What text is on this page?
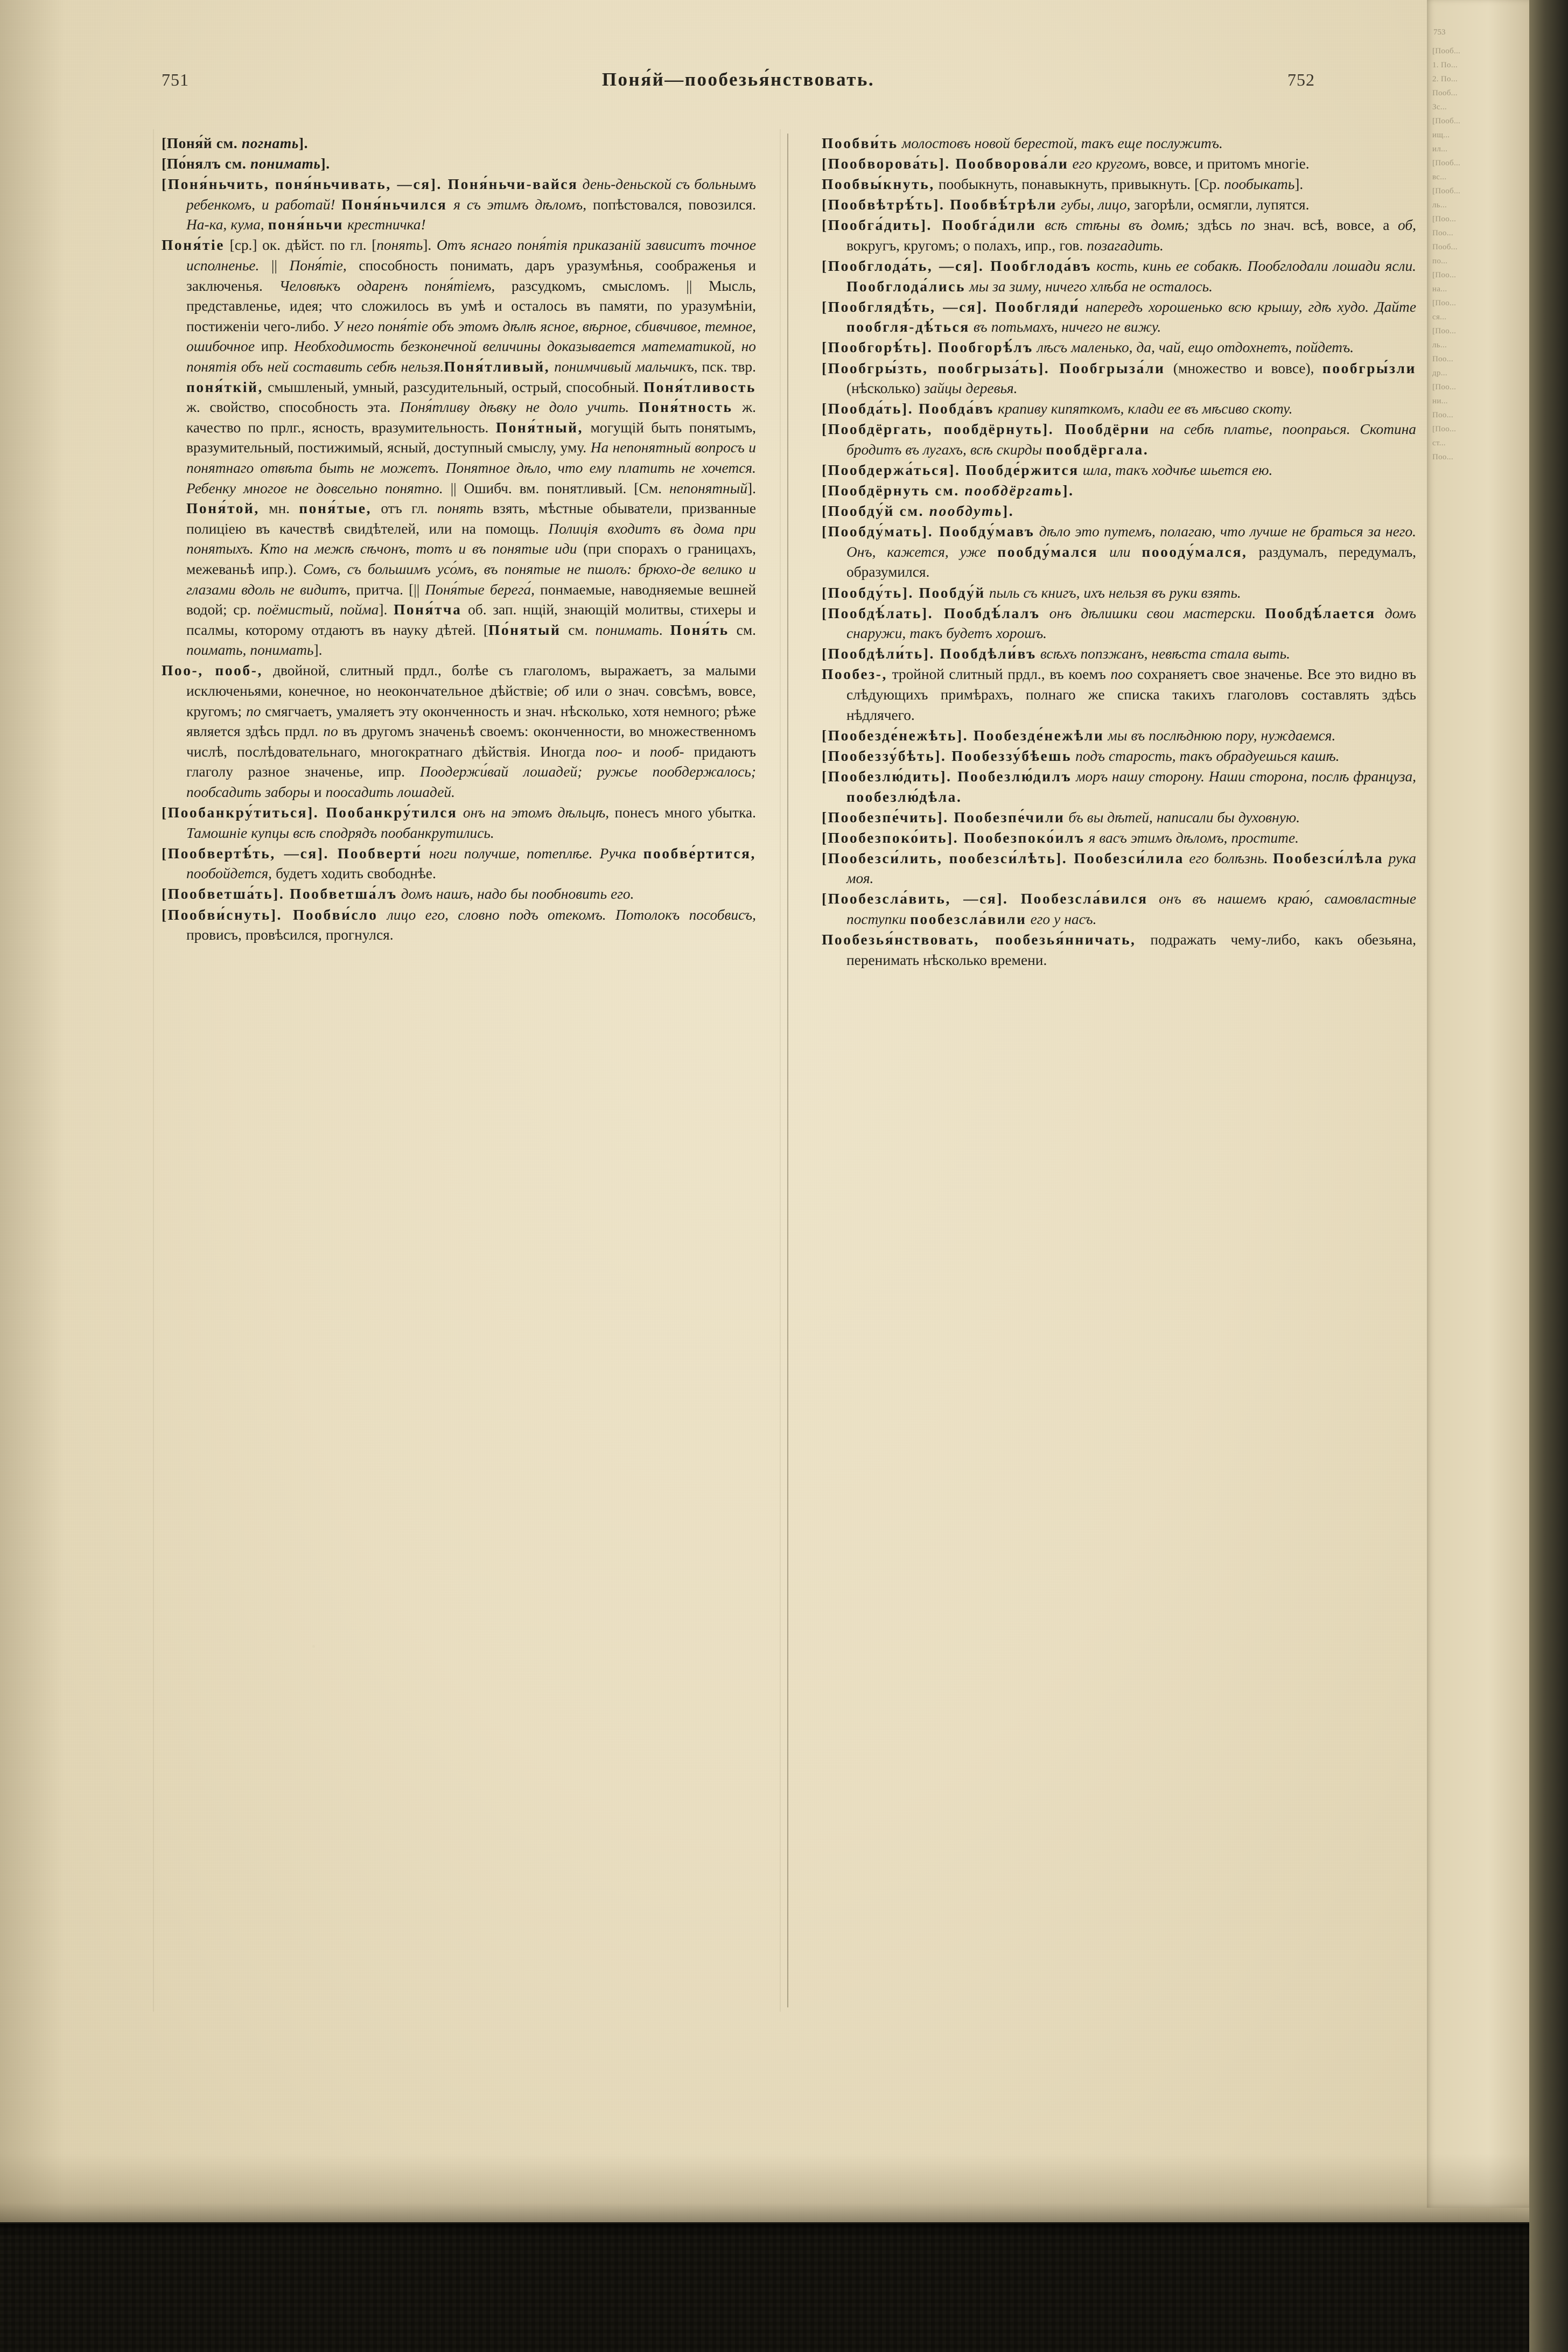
751	Поня́й—пообезья́нствовать.	752

[Поня́й см. погнать].

[По́нялъ см. понимать].

[Поня́ньчить, поня́ньчивать, —ся]. Поня́ньчи-вайся день-деньской съ больнымъ ребенкомъ, и работай! Поня́ньчился я съ этимъ дѣломъ, попѣстовался, повозился. На-ка, кума, поня́ньчи крестничка!

Поня́тіе [ср.] ок. дѣйст. по гл. [понять]. Отъ яснаго поня́тія приказаній зависитъ точное исполненье. || Поня́тіе, способность понимать, даръ уразумѣнья, соображенья и заключенья. Человѣкъ одаренъ поня́тіемъ, разсудкомъ, смысломъ. || Мысль, представленье, идея; что сложилось въ умѣ и осталось въ памяти, по уразумѣніи, постиженіи чего-либо. У него поня́тіе объ этомъ дѣлѣ ясное, вѣрное, сбивчивое, темное, ошибочное ипр. Необходимость безконечной величины доказывается математикой, но понятія объ ней составить себѣ нельзя.Поня́тливый, понимчивый мальчикъ, пск. твр. поня́ткій, смышленый, умный, разсудительный, острый, способный. Поня́тливость ж. свойство, способность эта. Поня́тливу дѣвку не доло учить. Поня́тность ж. качество по прлг., ясность, вразумительность. Поня́тный, могущій быть понятымъ, вразумительный, постижимый, ясный, доступный смыслу, уму. На непонятный вопросъ и понятнаго отвѣта быть не можетъ. Понятное дѣло, что ему платить не хочется. Ребенку многое не довсельно понятно. || Ошибч. вм. понятливый. [См. непонятный]. Поня́той, мн. поня́тые, отъ гл. понять взять, мѣстные обыватели, призванные полиціею въ качествѣ свидѣтелей, или на помощь. Полиція входитъ въ дома при понятыхъ. Кто на межѣ сѣчонъ, тотъ и въ понятые иди (при спорахъ о границахъ, межеваньѣ ипр.). Сомъ, съ большимъ усо́мъ, въ понятые не пшолъ: брюхо-де велико и глазами вдоль не видитъ, притча. [|| Поня́тые берега́, понмаемые, наводняемые вешней водой; ср. поёмистый, пойма]. Поня́тча об. зап. нщій, знающій молитвы, стихеры и псалмы, которому отдаютъ въ науку дѣтей. [По́нятый см. понимать. Поня́ть см. поимать, понимать].

Поо-, пооб-, двойной, слитный прдл., болѣе съ глаголомъ, выражаетъ, за малыми исключеньями, конечное, но неокончательное дѣйствіе; об или о знач. совсѣмъ, вовсе, кругомъ; по смягчаетъ, умаляетъ эту оконченность и знач. нѣсколько, хотя немного; рѣже является здѣсь прдл. по въ другомъ значеньѣ своемъ: оконченности, во множественномъ числѣ, послѣдовательнаго, многократнаго дѣйствія. Иногда поо- и пооб- придаютъ глаголу разное значенье, ипр. Поодержи́вай лошадей; ружье пообдержалось; пообсадить заборы и поосадить лошадей.

[Пообанкру́титься]. Пообанкру́тился онъ на этомъ дѣльцѣ, понесъ много убытка. Тамошніе купцы всѣ сподрядъ пообанкрутились.

[Пообвертѣ́ть, —ся]. Пообверти́ ноги получше, потеплѣе. Ручка пообве́ртится, пообойдется, будетъ ходить свободнѣе.

[Пообветша́ть]. Пообветша́лъ домъ нашъ, надо бы пообновить его.

[Пообви́снуть]. Пообви́сло лицо его, словно подъ отекомъ. Потолокъ пособвисъ, провисъ, провѣсился, прогнулся.

Пообви́ть молостовъ новой берестой, такъ еще послужитъ.

[Пообворова́ть]. Пообворова́ли его кругомъ, вовсе, и притомъ многіе.

Пообвы́кнуть, пообыкнуть, понавыкнуть, привыкнуть. [Ср. пообыкать].

[Пообвѣтрѣ́ть]. Пообвѣ́трѣли губы, лицо, загорѣли, осмягли, лупятся.

[Пообга́дить]. Пообга́дили всѣ стѣны въ домѣ; здѣсь по знач. всѣ, вовсе, а об, вокругъ, кругомъ; о полахъ, ипр., гов. позагадить.

[Пообглода́ть, —ся]. Пообглода́въ кость, кинь ее собакѣ. Пообглодали лошади ясли. Пообглода́лись мы за зиму, ничего хлѣба не осталось.

[Пообглядѣ́ть, —ся]. Пообгляди́ напередъ хорошенько всю крышу, гдѣ худо. Дайте пообгля-дѣ́ться въ потьмахъ, ничего не вижу.

[Пообгорѣ́ть]. Пообгорѣ́лъ лѣсъ маленько, да, чай, ещо отдохнетъ, пойдетъ.

[Пообгры́зть, пообгрыза́ть]. Пообгрыза́ли (множество и вовсе), пообгры́зли (нѣсколько) зайцы деревья.

[Пообда́ть]. Пообда́въ крапиву кипяткомъ, клади ее въ мѣсиво скоту.

[Пообдёргать, пообдёрнуть]. Пообдёрни на себѣ платье, поопраься. Скотина бродитъ въ лугахъ, всѣ скирды пообдёргала.

[Пообдержа́ться]. Пообде́ржится шла, такъ ходчѣе шьется ею.

[Пообдёрнуть см. пообдёргать].

[Пообду́й см. пообдуть].

[Пообду́мать]. Пообду́мавъ дѣло это путемъ, полагаю, что лучше не браться за него. Онъ, кажется, уже пообду́мался или поооду́мался, раздумалъ, передумалъ, образумился.

[Пообду́ть]. Пообду́й пыль съ книгъ, ихъ нельзя въ руки взять.

[Пообдѣ́лать]. Пообдѣ́лалъ онъ дѣлишки свои мастерски. Пообдѣ́лается домъ снаружи, такъ будетъ хорошъ.

[Пообдѣли́ть]. Пообдѣли́въ всѣхъ попзжанъ, невѣста стала выть.

Пообез-, тройной слитный прдл., въ коемъ поо сохраняетъ свое значенье. Все это видно въ слѣдующихъ примѣрахъ, полнаго же списка такихъ глаголовъ составлять здѣсь нѣдлячего.

[Пообезде́нежѣть]. Пообезде́нежѣли мы въ послѣднюю пору, нуждаемся.

[Пообеззу́бѣть]. Пообеззу́бѣешь подъ старость, такъ обрадуешься кашѣ.

[Пообезлю́дить]. Пообезлю́дилъ моръ нашу сторону. Наши сторона, послѣ француза, пообезлю́дѣла.

[Пообезпе́чить]. Пообезпе́чили бъ вы дѣтей, написали бы духовную.

[Пообезпоко́ить]. Пообезпоко́илъ я васъ этимъ дѣломъ, простите.

[Пообезси́лить, пообезси́лѣть]. Пообезси́лила его болѣзнь. Пообезси́лѣла рука моя.

[Пообезсла́вить, —ся]. Пообезсла́вился онъ въ нашемъ краю́, самовластные поступки пообезсла́вили его у насъ.

Пообезья́нствовать, пообезья́нничать, подражать чему-либо, какъ обезьяна, перенимать нѣсколько времени.

753
[Пооб...
1. По...
2. По...
Пооб...
Зс...
[Пооб...
ищ...
ил...
[Пооб...
вс...
[Пооб...
ль...
[Поо...
Поо...
Пооб...
по...
[Поо...
на...
[Поо...
ся...
[Поо...
ль...
Поо...
др...
[Поо...
ни...
Поо...
[Поо...
ст...
Поо...
